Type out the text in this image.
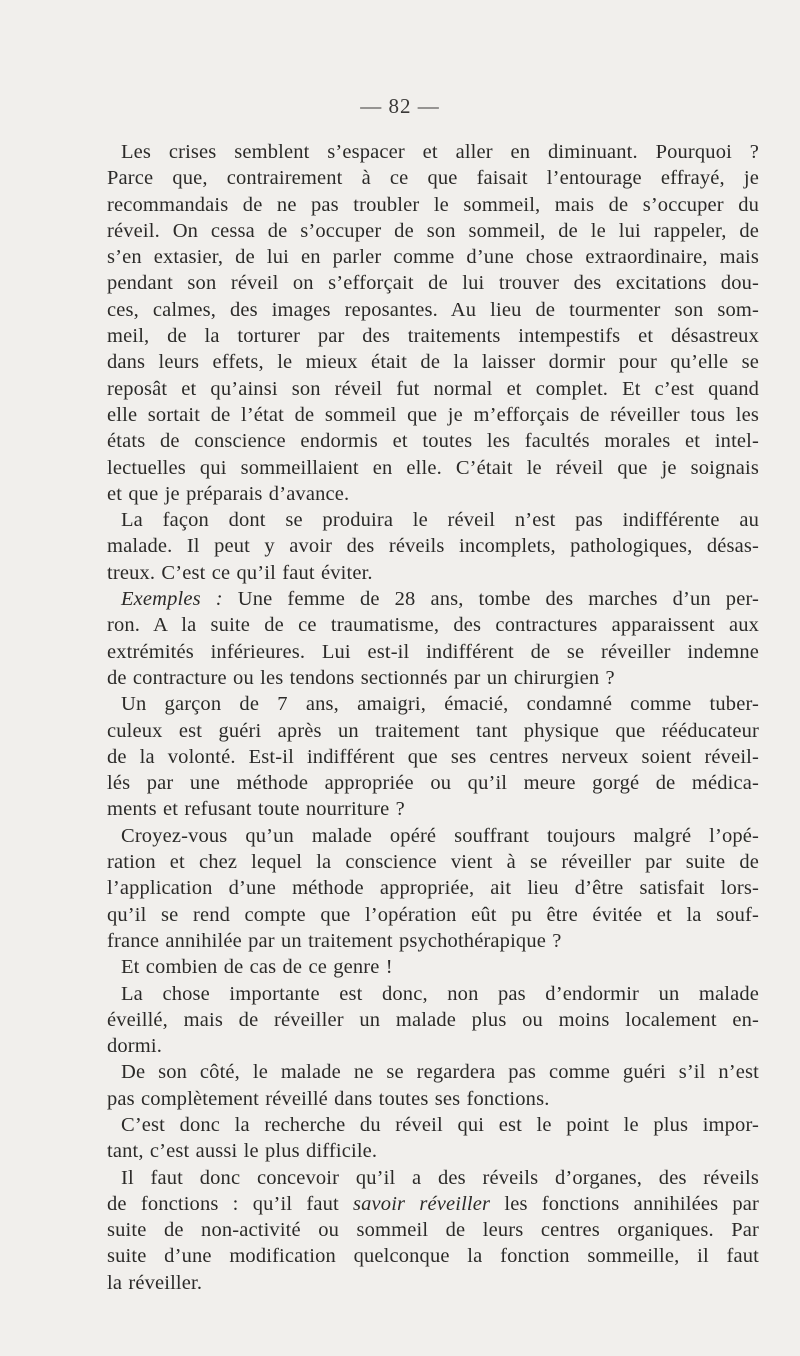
— 82 —
Les crises semblent s’espacer et aller en diminuant. Pourquoi ?
Parce que, contrairement à ce que faisait l’entourage effrayé, je
recommandais de ne pas troubler le sommeil, mais de s’occuper du
réveil. On cessa de s’occuper de son sommeil, de le lui rappeler, de
s’en extasier, de lui en parler comme d’une chose extraordinaire, mais
pendant son réveil on s’efforçait de lui trouver des excitations dou-
ces, calmes, des images reposantes. Au lieu de tourmenter son som-
meil, de la torturer par des traitements intempestifs et désastreux
dans leurs effets, le mieux était de la laisser dormir pour qu’elle se
reposât et qu’ainsi son réveil fut normal et complet. Et c’est quand
elle sortait de l’état de sommeil que je m’efforçais de réveiller tous les
états de conscience endormis et toutes les facultés morales et intel-
lectuelles qui sommeillaient en elle. C’était le réveil que je soignais
et que je préparais d’avance.
La façon dont se produira le réveil n’est pas indifférente au
malade. Il peut y avoir des réveils incomplets, pathologiques, désas-
treux. C’est ce qu’il faut éviter.
Exemples : Une femme de 28 ans, tombe des marches d’un per-
ron. A la suite de ce traumatisme, des contractures apparaissent aux
extrémités inférieures. Lui est-il indifférent de se réveiller indemne
de contracture ou les tendons sectionnés par un chirurgien ?
Un garçon de 7 ans, amaigri, émacié, condamné comme tuber-
culeux est guéri après un traitement tant physique que rééducateur
de la volonté. Est-il indifférent que ses centres nerveux soient réveil-
lés par une méthode appropriée ou qu’il meure gorgé de médica-
ments et refusant toute nourriture ?
Croyez-vous qu’un malade opéré souffrant toujours malgré l’opé-
ration et chez lequel la conscience vient à se réveiller par suite de
l’application d’une méthode appropriée, ait lieu d’être satisfait lors-
qu’il se rend compte que l’opération eût pu être évitée et la souf-
france annihilée par un traitement psychothérapique ?
Et combien de cas de ce genre !
La chose importante est donc, non pas d’endormir un malade
éveillé, mais de réveiller un malade plus ou moins localement en-
dormi.
De son côté, le malade ne se regardera pas comme guéri s’il n’est
pas complètement réveillé dans toutes ses fonctions.
C’est donc la recherche du réveil qui est le point le plus impor-
tant, c’est aussi le plus difficile.
Il faut donc concevoir qu’il a des réveils d’organes, des réveils
de fonctions : qu’il faut savoir réveiller les fonctions annihilées par
suite de non-activité ou sommeil de leurs centres organiques. Par
suite d’une modification quelconque la fonction sommeille, il faut
la réveiller.
